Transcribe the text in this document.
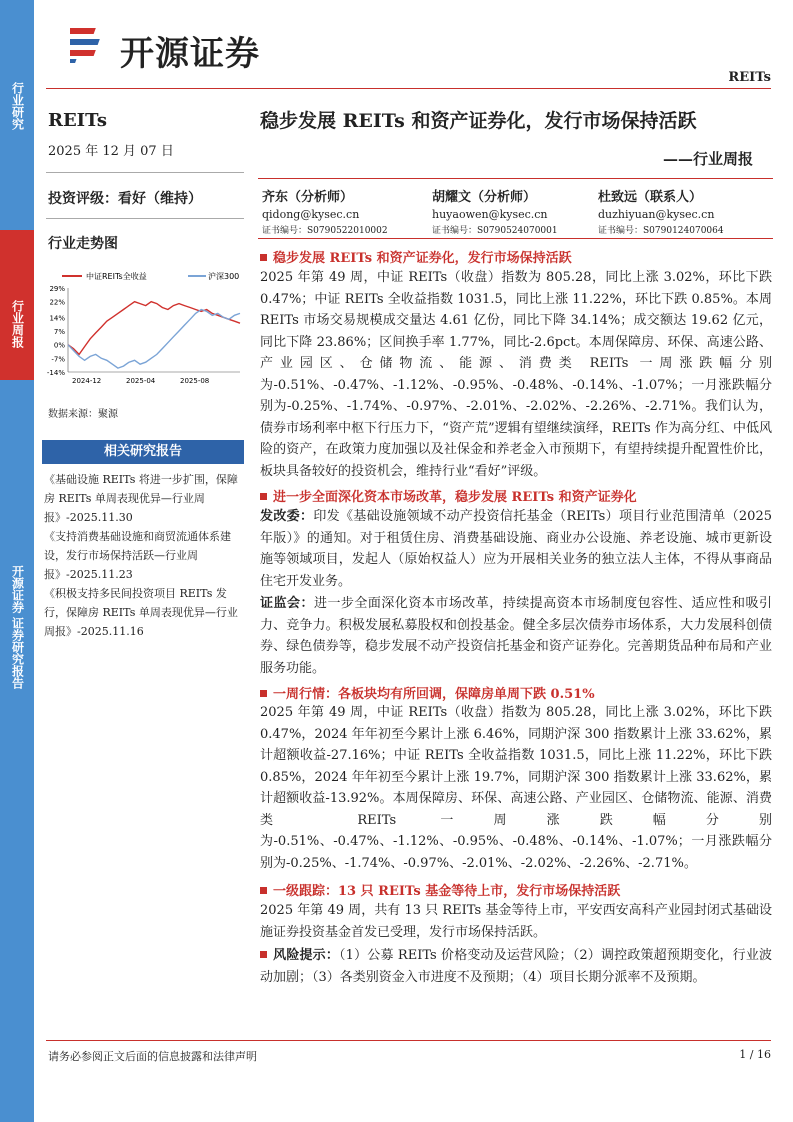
行业研究
行业周报
开源证券 证券研究报告
开源证券
REITs
REITs
2025 年 12 月 07 日
投资评级：看好（维持）
行业走势图
中证REITs全收益	沪深300
29%
22%
14%
7%
0%
-7%
-14%
2024-12	2025-04	2025-08
数据来源：聚源
相关研究报告

《基础设施 REITs 将进一步扩围，保障房 REITs 单周表现优异—行业周报》-2025.11.30

《支持消费基础设施和商贸流通体系建设，发行市场保持活跃—行业周报》-2025.11.23

《积极支持多民间投资项目 REITs 发行，保障房 REITs 单周表现优异—行业周报》-2025.11.16

稳步发展 REITs 和资产证券化，发行市场保持活跃
——行业周报
齐东（分析师）
qidong@kysec.cn
证书编号：S0790522010002
胡耀文（分析师）
huyaowen@kysec.cn
证书编号：S0790524070001
杜致远（联系人）
duzhiyuan@kysec.cn
证书编号：S0790124070064
稳步发展 REITs 和资产证券化，发行市场保持活跃
2025 年第 49 周，中证 REITs（收盘）指数为 805.28，同比上涨 3.02%，环比下跌 0.47%；中证 REITs 全收益指数 1031.5，同比上涨 11.22%，环比下跌 0.85%。本周 REITs 市场交易规模成交量达 4.61 亿份，同比下降 34.14%；成交额达 19.62 亿元，同比下降 23.86%；区间换手率 1.77%，同比-2.6pct。本周保障房、环保、高速公路、产业园区、仓储物流、能源、消费类 REITs 一周涨跌幅分别为-0.51%、-0.47%、-1.12%、-0.95%、-0.48%、-0.14%、-1.07%；一月涨跌幅分别为-0.25%、-1.74%、-0.97%、-2.01%、-2.02%、-2.26%、-2.71%。我们认为，债券市场利率中枢下行压力下，“资产荒”逻辑有望继续演绎，REITs 作为高分红、中低风险的资产，在政策力度加强以及社保金和养老金入市预期下，有望持续提升配置性价比，板块具备较好的投资机会，维持行业“看好”评级。
进一步全面深化资本市场改革，稳步发展 REITs 和资产证券化
发改委：印发《基础设施领域不动产投资信托基金（REITs）项目行业范围清单（2025 年版）》的通知。对于租赁住房、消费基础设施、商业办公设施、养老设施、城市更新设施等领域项目，发起人（原始权益人）应为开展相关业务的独立法人主体，不得从事商品住宅开发业务。
证监会：进一步全面深化资本市场改革，持续提高资本市场制度包容性、适应性和吸引力、竞争力。积极发展私募股权和创投基金。健全多层次债券市场体系，大力发展科创债券、绿色债券等，稳步发展不动产投资信托基金和资产证券化。完善期货品种布局和产业服务功能。
一周行情：各板块均有所回调，保障房单周下跌 0.51%
2025 年第 49 周，中证 REITs（收盘）指数为 805.28，同比上涨 3.02%，环比下跌 0.47%，2024 年年初至今累计上涨 6.46%，同期沪深 300 指数累计上涨 33.62%，累计超额收益-27.16%；中证 REITs 全收益指数 1031.5，同比上涨 11.22%，环比下跌 0.85%，2024 年年初至今累计上涨 19.7%，同期沪深 300 指数累计上涨 33.62%，累计超额收益-13.92%。本周保障房、环保、高速公路、产业园区、仓储物流、能源、消费类 REITs 一周涨跌幅分别为-0.51%、-0.47%、-1.12%、-0.95%、-0.48%、-0.14%、-1.07%；一月涨跌幅分别为-0.25%、-1.74%、-0.97%、-2.01%、-2.02%、-2.26%、-2.71%。
一级跟踪：13 只 REITs 基金等待上市，发行市场保持活跃
2025 年第 49 周，共有 13 只 REITs 基金等待上市，平安西安高科产业园封闭式基础设施证券投资基金首发已受理，发行市场保持活跃。
风险提示：（1）公募 REITs 价格变动及运营风险；（2）调控政策超预期变化，行业波动加剧；（3）各类别资金入市进度不及预期；（4）项目长期分派率不及预期。
请务必参阅正文后面的信息披露和法律声明	1 / 16
